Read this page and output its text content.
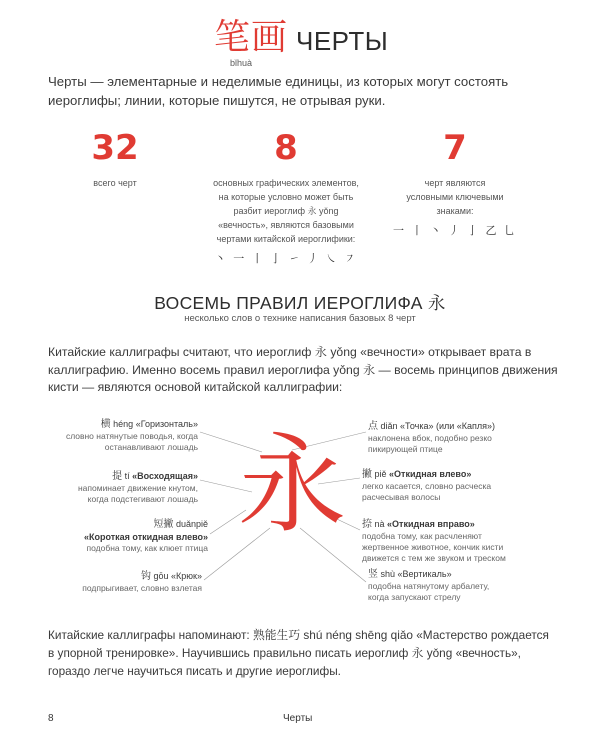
笔画
bǐhuà
ЧЕРТЫ
Черты — элементарные и неделимые единицы, из которых могут состоять иероглифы; линии, которые пишутся, не отрывая руки.
32
всего черт
8
основных графических элементов, на которые условно может быть разбит иероглиф 永 yǒng «вечность», являются базовыми чертами китайской иероглифики:
丶 一 丨 亅 ㇀ 丿 ㇏ ㇇
7
черт являются условными ключевыми знаками:
一 丨 丶 丿 亅 乙 乚
ВОСЕМЬ ПРАВИЛ ИЕРОГЛИФА 永
несколько слов о технике написания базовых 8 черт
Китайские каллиграфы считают, что иероглиф 永 yǒng «вечности» открывает врата в каллиграфию. Именно восемь правил иероглифа yǒng 永 — восемь принципов движения кисти — являются основой китайской каллиграфии:
永
横 héng «Горизонталь»
словно натянутые поводья, когда останавливают лошадь
提 tí «Восходящая»
напоминает движение кнутом, когда подстегивают лошадь
短撇 duǎnpiě
«Короткая откидная влево»
подобна тому, как клюет птица
钩 gōu «Крюк»
подпрыгивает, словно взлетая
点 diǎn «Точка» (или «Капля»)
наклонена вбок, подобно резко пикирующей птице
撇 piě «Откидная влево»
легко касается, словно расческа расчесывая волосы
捺 nà «Откидная вправо»
подобна тому, как расчленяют жертвенное животное, кончик кисти движется с тем же звуком и треском
竖 shù «Вертикаль»
подобна натянутому арбалету, когда запускают стрелу
Китайские каллиграфы напоминают: 熟能生巧 shú néng shēng qiǎo «Мастерство рождается в упорной тренировке». Научившись правильно писать иероглиф 永 yǒng «вечность», гораздо легче научиться писать и другие иероглифы.
8	Черты
